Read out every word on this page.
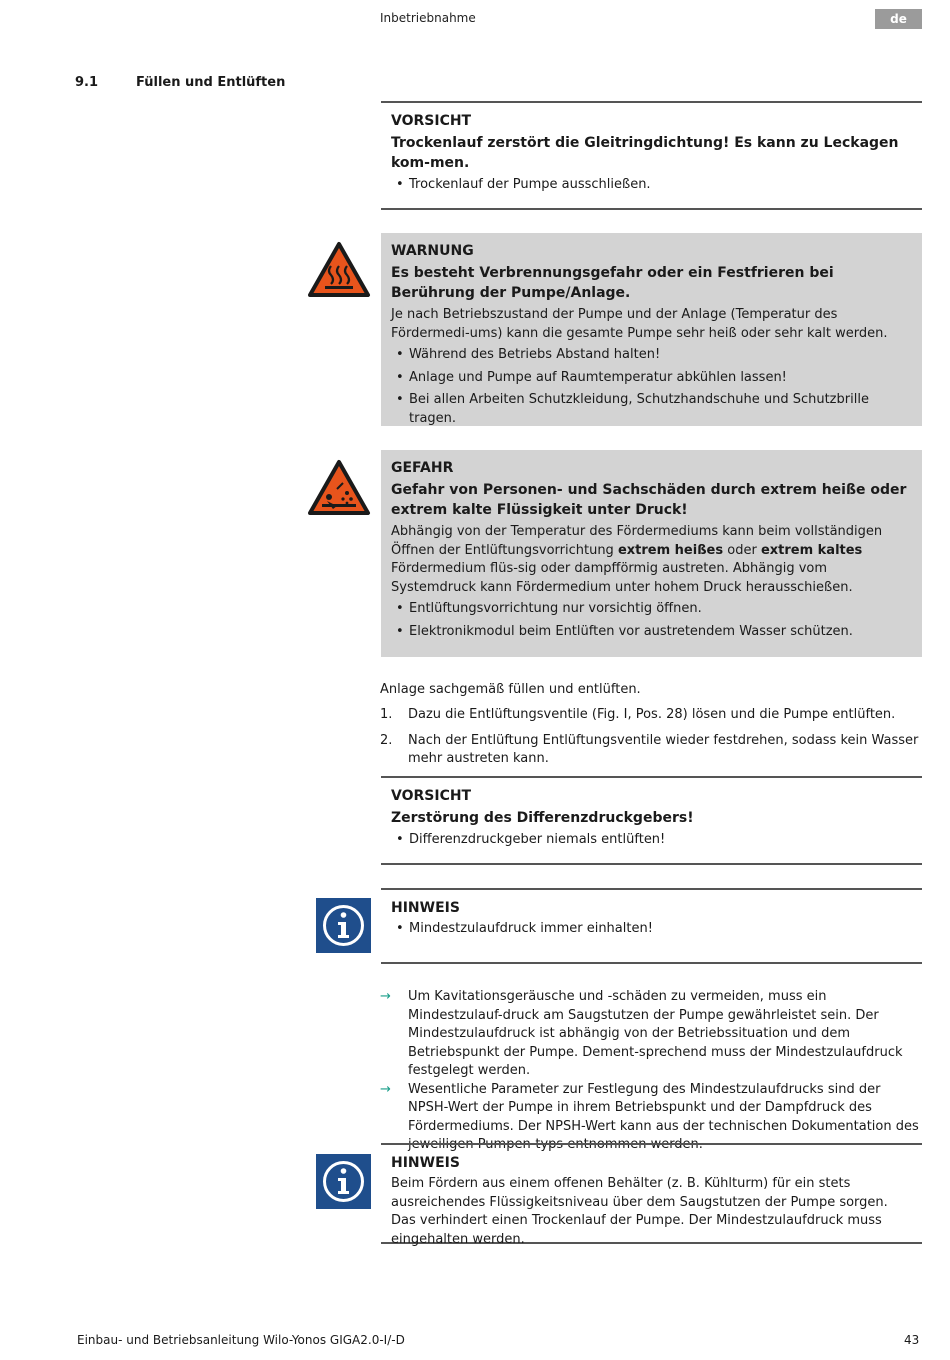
Inbetriebnahme	de
9.1	Füllen und Entlüften
VORSICHT
Trockenlauf zerstört die Gleitringdichtung! Es kann zu Leckagen kom-men.
• Trockenlauf der Pumpe ausschließen.
WARNUNG
Es besteht Verbrennungsgefahr oder ein Festfrieren bei Berührung der Pumpe/Anlage.
Je nach Betriebszustand der Pumpe und der Anlage (Temperatur des Fördermedi-ums) kann die gesamte Pumpe sehr heiß oder sehr kalt werden.
• Während des Betriebs Abstand halten!
• Anlage und Pumpe auf Raumtemperatur abkühlen lassen!
• Bei allen Arbeiten Schutzkleidung, Schutzhandschuhe und Schutzbrille tragen.
GEFAHR
Gefahr von Personen- und Sachschäden durch extrem heiße oder extrem kalte Flüssigkeit unter Druck!
Abhängig von der Temperatur des Fördermediums kann beim vollständigen Öffnen der Entlüftungsvorrichtung extrem heißes oder extrem kaltes Fördermedium flüs-sig oder dampfförmig austreten. Abhängig vom Systemdruck kann Fördermedium unter hohem Druck herausschießen.
• Entlüftungsvorrichtung nur vorsichtig öffnen.
• Elektronikmodul beim Entlüften vor austretendem Wasser schützen.
Anlage sachgemäß füllen und entlüften.
1. Dazu die Entlüftungsventile (Fig. I, Pos. 28) lösen und die Pumpe entlüften.
2. Nach der Entlüftung Entlüftungsventile wieder festdrehen, sodass kein Wasser mehr austreten kann.
VORSICHT
Zerstörung des Differenzdruckgebers!
• Differenzdruckgeber niemals entlüften!
HINWEIS
• Mindestzulaufdruck immer einhalten!
→ Um Kavitationsgeräusche und -schäden zu vermeiden, muss ein Mindestzulauf-druck am Saugstutzen der Pumpe gewährleistet sein. Der Mindestzulaufdruck ist abhängig von der Betriebssituation und dem Betriebspunkt der Pumpe. Dement-sprechend muss der Mindestzulaufdruck festgelegt werden.
→ Wesentliche Parameter zur Festlegung des Mindestzulaufdrucks sind der NPSH-Wert der Pumpe in ihrem Betriebspunkt und der Dampfdruck des Fördermediums. Der NPSH-Wert kann aus der technischen Dokumentation des jeweiligen Pumpen-typs entnommen werden.
HINWEIS
Beim Fördern aus einem offenen Behälter (z. B. Kühlturm) für ein stets ausreichendes Flüssigkeitsniveau über dem Saugstutzen der Pumpe sorgen. Das verhindert einen Trockenlauf der Pumpe. Der Mindestzulaufdruck muss eingehalten werden.
Einbau- und Betriebsanleitung Wilo-Yonos GIGA2.0-I/-D	43
